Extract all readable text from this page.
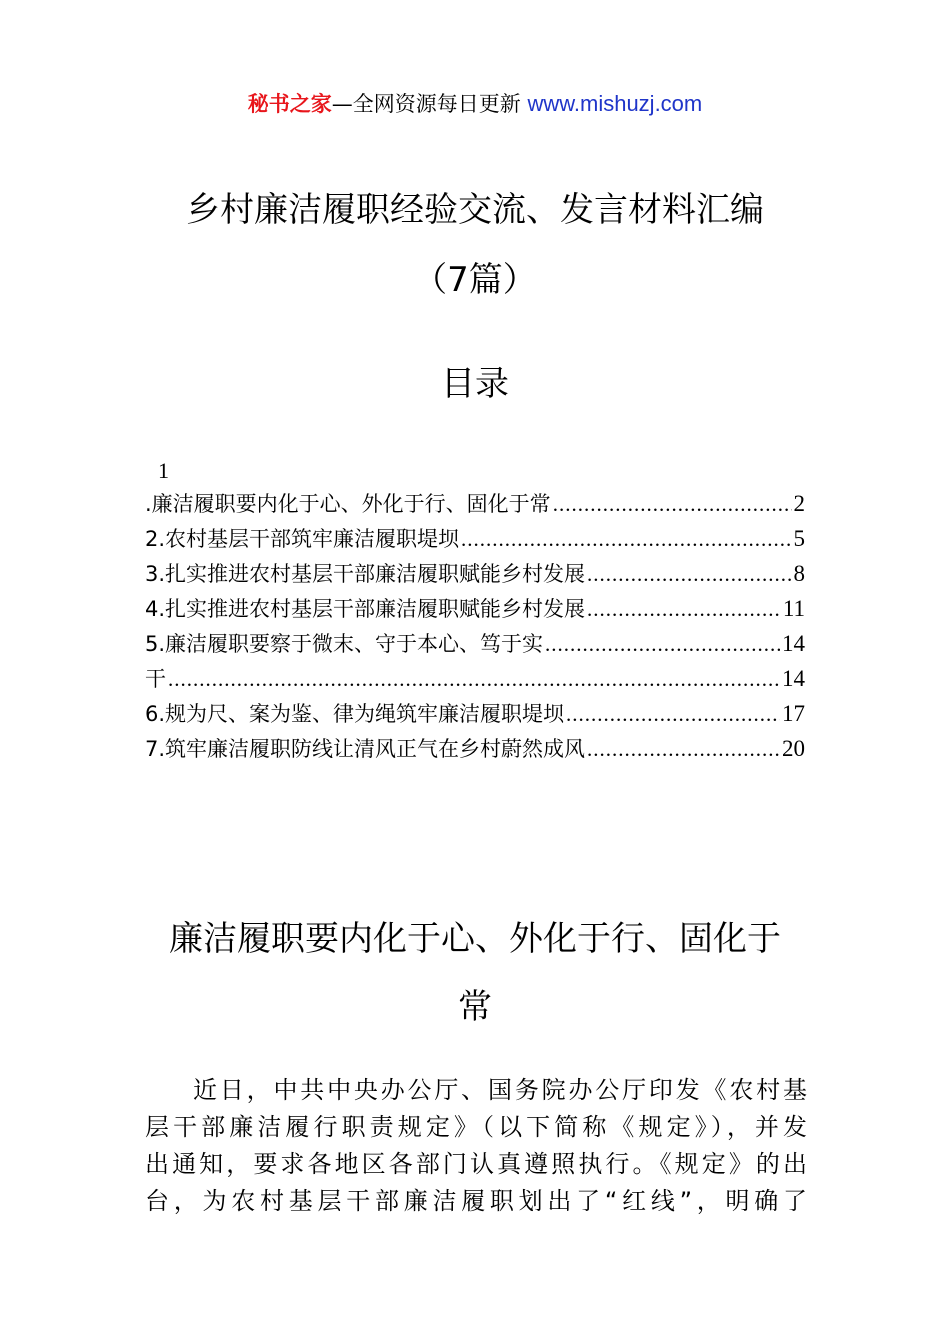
秘书之家—全网资源每日更新 www.mishuzj.com
乡村廉洁履职经验交流、发言材料汇编
（7篇）
目录
1
.廉洁履职要内化于心、外化于行、固化于常 .....	2
2.农村基层干部筑牢廉洁履职堤坝 .....	5
3.扎实推进农村基层干部廉洁履职赋能乡村发展 .....	8
4.扎实推进农村基层干部廉洁履职赋能乡村发展 .....	11
5.廉洁履职要察于微末、守于本心、笃于实 .....	14
干 .....	14
6.规为尺、案为鉴、律为绳筑牢廉洁履职堤坝 .....	17
7.筑牢廉洁履职防线让清风正气在乡村蔚然成风 .....	20
廉洁履职要内化于心、外化于行、固化于
常
近日，中共中央办公厅、国务院办公厅印发《农村基
层干部廉洁履行职责规定》（以下简称《规定》），并发
出通知，要求各地区各部门认真遵照执行。《规定》的出
台，为农村基层干部廉洁履职划出了“红线”，明确了
